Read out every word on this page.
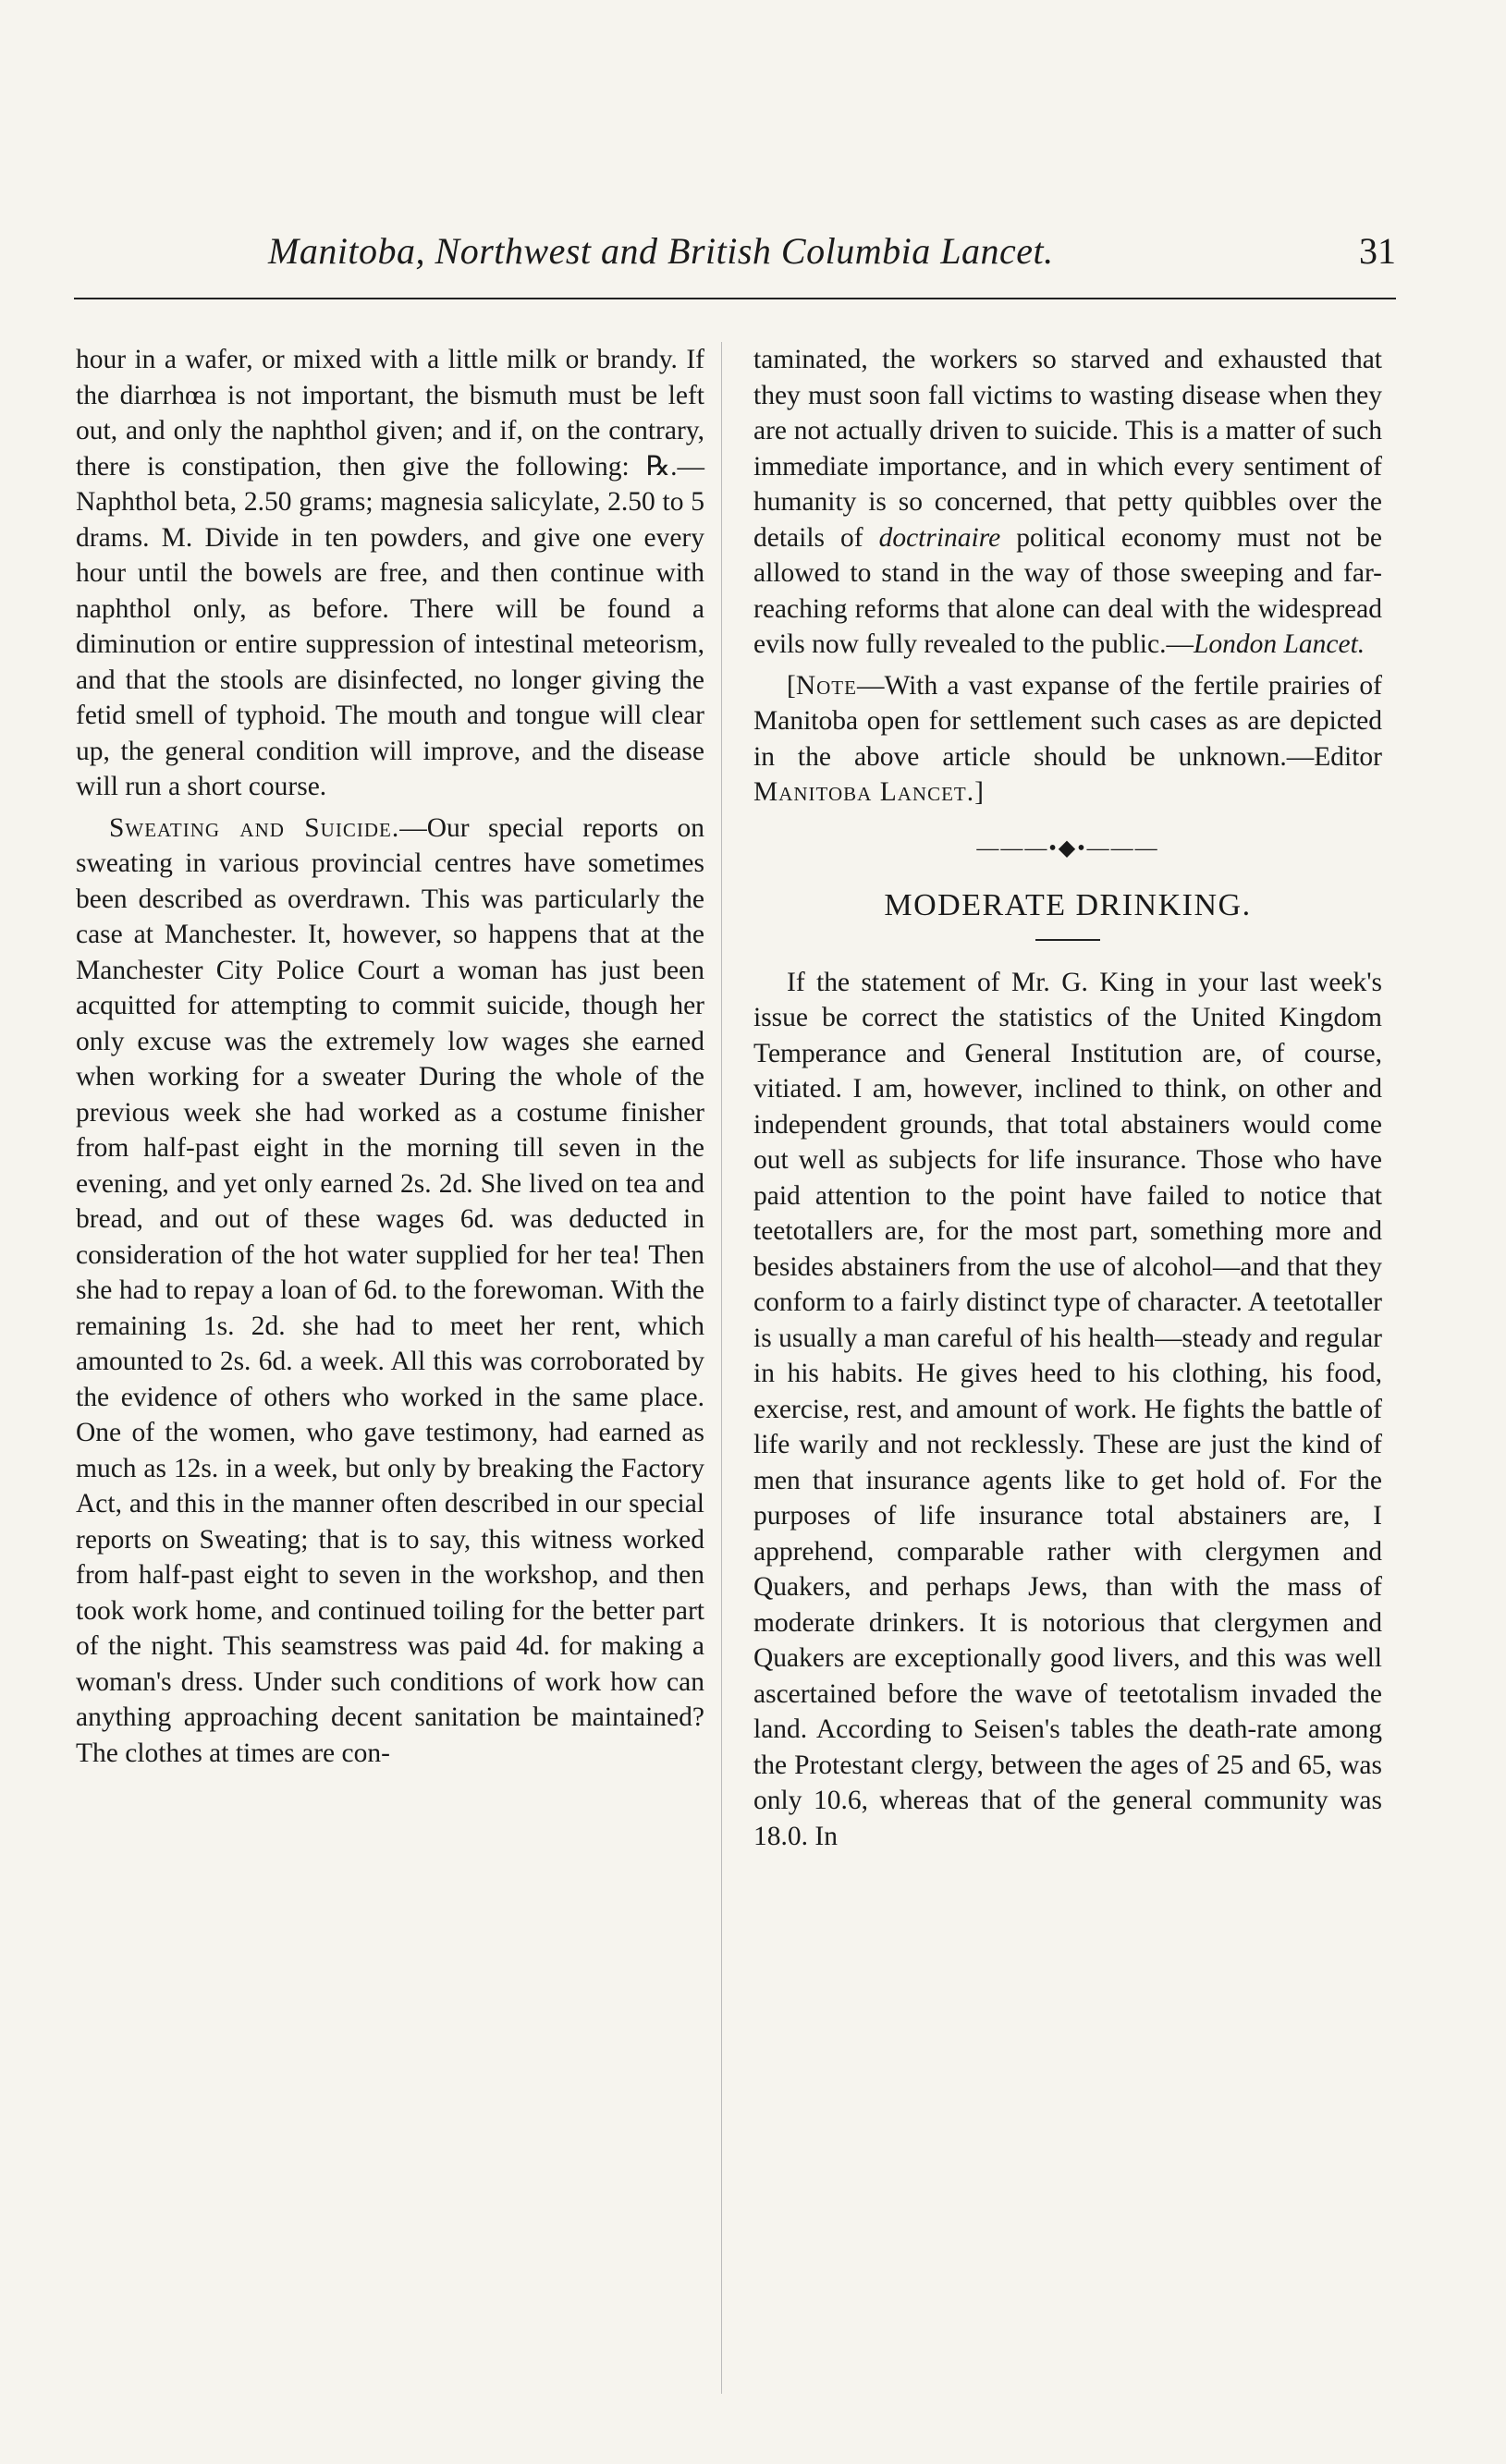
Manitoba, Northwest and British Columbia Lancet.	31

hour in a wafer, or mixed with a little milk or brandy. If the diarrhœa is not important, the bismuth must be left out, and only the naphthol given; and if, on the contrary, there is constipation, then give the following: ℞.—Naphthol beta, 2.50 grams; magnesia salicylate, 2.50 to 5 drams. M. Divide in ten powders, and give one every hour until the bowels are free, and then continue with naphthol only, as before. There will be found a diminution or entire suppression of intestinal meteorism, and that the stools are disinfected, no longer giving the fetid smell of typhoid. The mouth and tongue will clear up, the general condition will improve, and the disease will run a short course.

Sweating and Suicide.—Our special reports on sweating in various provincial centres have sometimes been described as overdrawn. This was particularly the case at Manchester. It, however, so happens that at the Manchester City Police Court a woman has just been acquitted for attempting to commit suicide, though her only excuse was the extremely low wages she earned when working for a sweater During the whole of the previous week she had worked as a costume finisher from half-past eight in the morning till seven in the evening, and yet only earned 2s. 2d. She lived on tea and bread, and out of these wages 6d. was deducted in consideration of the hot water supplied for her tea! Then she had to repay a loan of 6d. to the forewoman. With the remaining 1s. 2d. she had to meet her rent, which amounted to 2s. 6d. a week. All this was corroborated by the evidence of others who worked in the same place. One of the women, who gave testimony, had earned as much as 12s. in a week, but only by breaking the Factory Act, and this in the manner often described in our special reports on Sweating; that is to say, this witness worked from half-past eight to seven in the workshop, and then took work home, and continued toiling for the better part of the night. This seamstress was paid 4d. for making a woman's dress. Under such conditions of work how can anything approaching decent sanitation be maintained? The clothes at times are con-

taminated, the workers so starved and exhausted that they must soon fall victims to wasting disease when they are not actually driven to suicide. This is a matter of such immediate importance, and in which every sentiment of humanity is so concerned, that petty quibbles over the details of doctrinaire political economy must not be allowed to stand in the way of those sweeping and far-reaching reforms that alone can deal with the widespread evils now fully revealed to the public.—London Lancet.

[Note—With a vast expanse of the fertile prairies of Manitoba open for settlement such cases as are depicted in the above article should be unknown.—Editor Manitoba Lancet.]

———•◆•———
MODERATE DRINKING.

If the statement of Mr. G. King in your last week's issue be correct the statistics of the United Kingdom Temperance and General Institution are, of course, vitiated. I am, however, inclined to think, on other and independent grounds, that total abstainers would come out well as subjects for life insurance. Those who have paid attention to the point have failed to notice that teetotallers are, for the most part, something more and besides abstainers from the use of alcohol—and that they conform to a fairly distinct type of character. A teetotaller is usually a man careful of his health—steady and regular in his habits. He gives heed to his clothing, his food, exercise, rest, and amount of work. He fights the battle of life warily and not recklessly. These are just the kind of men that insurance agents like to get hold of. For the purposes of life insurance total abstainers are, I apprehend, comparable rather with clergymen and Quakers, and perhaps Jews, than with the mass of moderate drinkers. It is notorious that clergymen and Quakers are exceptionally good livers, and this was well ascertained before the wave of teetotalism invaded the land. According to Seisen's tables the death-rate among the Protestant clergy, between the ages of 25 and 65, was only 10.6, whereas that of the general community was 18.0. In
